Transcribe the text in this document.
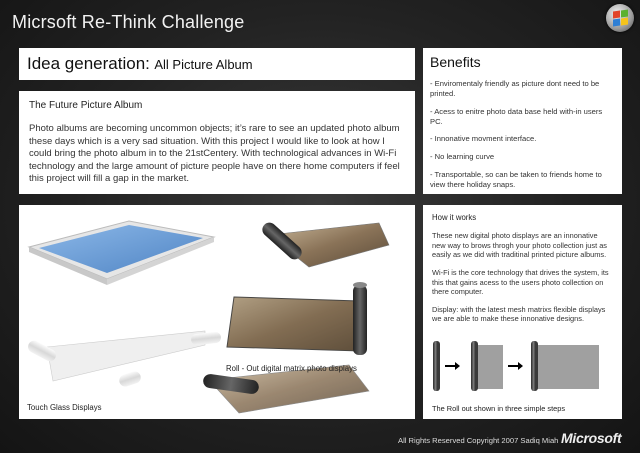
Micrsoft Re-Think Challenge
Idea generation: All Picture Album
The Future Picture Album
Photo albums are becoming uncommon objects; it’s rare to see an updated photo album these days which is a very sad situation. With this project I would like to look at how I could bring the photo album in to the 21stCentery. With technological advances in Wi-Fi technology and the large amount of picture people have on there home computers if feel this project will fill a gap in the market.
Benefits
- Enviromentaly friendly as picture dont need to be printed.
- Acess to enitre photo data base held with-in users PC.
- Innonative movment interface.
- No learning curve
- Transportable, so can be taken to friends home to view there holiday snaps.
Roll - Out digital matrix photo displays
Touch Glass Displays
How it works
These new digital photo displays are an innonative new way to brows throgh your photo collection just as easily as we did with traditinal printed picture albums.
Wi-Fi is the core technology that drives the system, its this that gains acess to the users photo collection on there computer.
Display: with the latest mesh matrixs flexible displays we are able to make these innonative designs.
The Roll out shown in three simple steps
All Rights Reserved Copyright 2007 Sadiq Miah Microsoft
